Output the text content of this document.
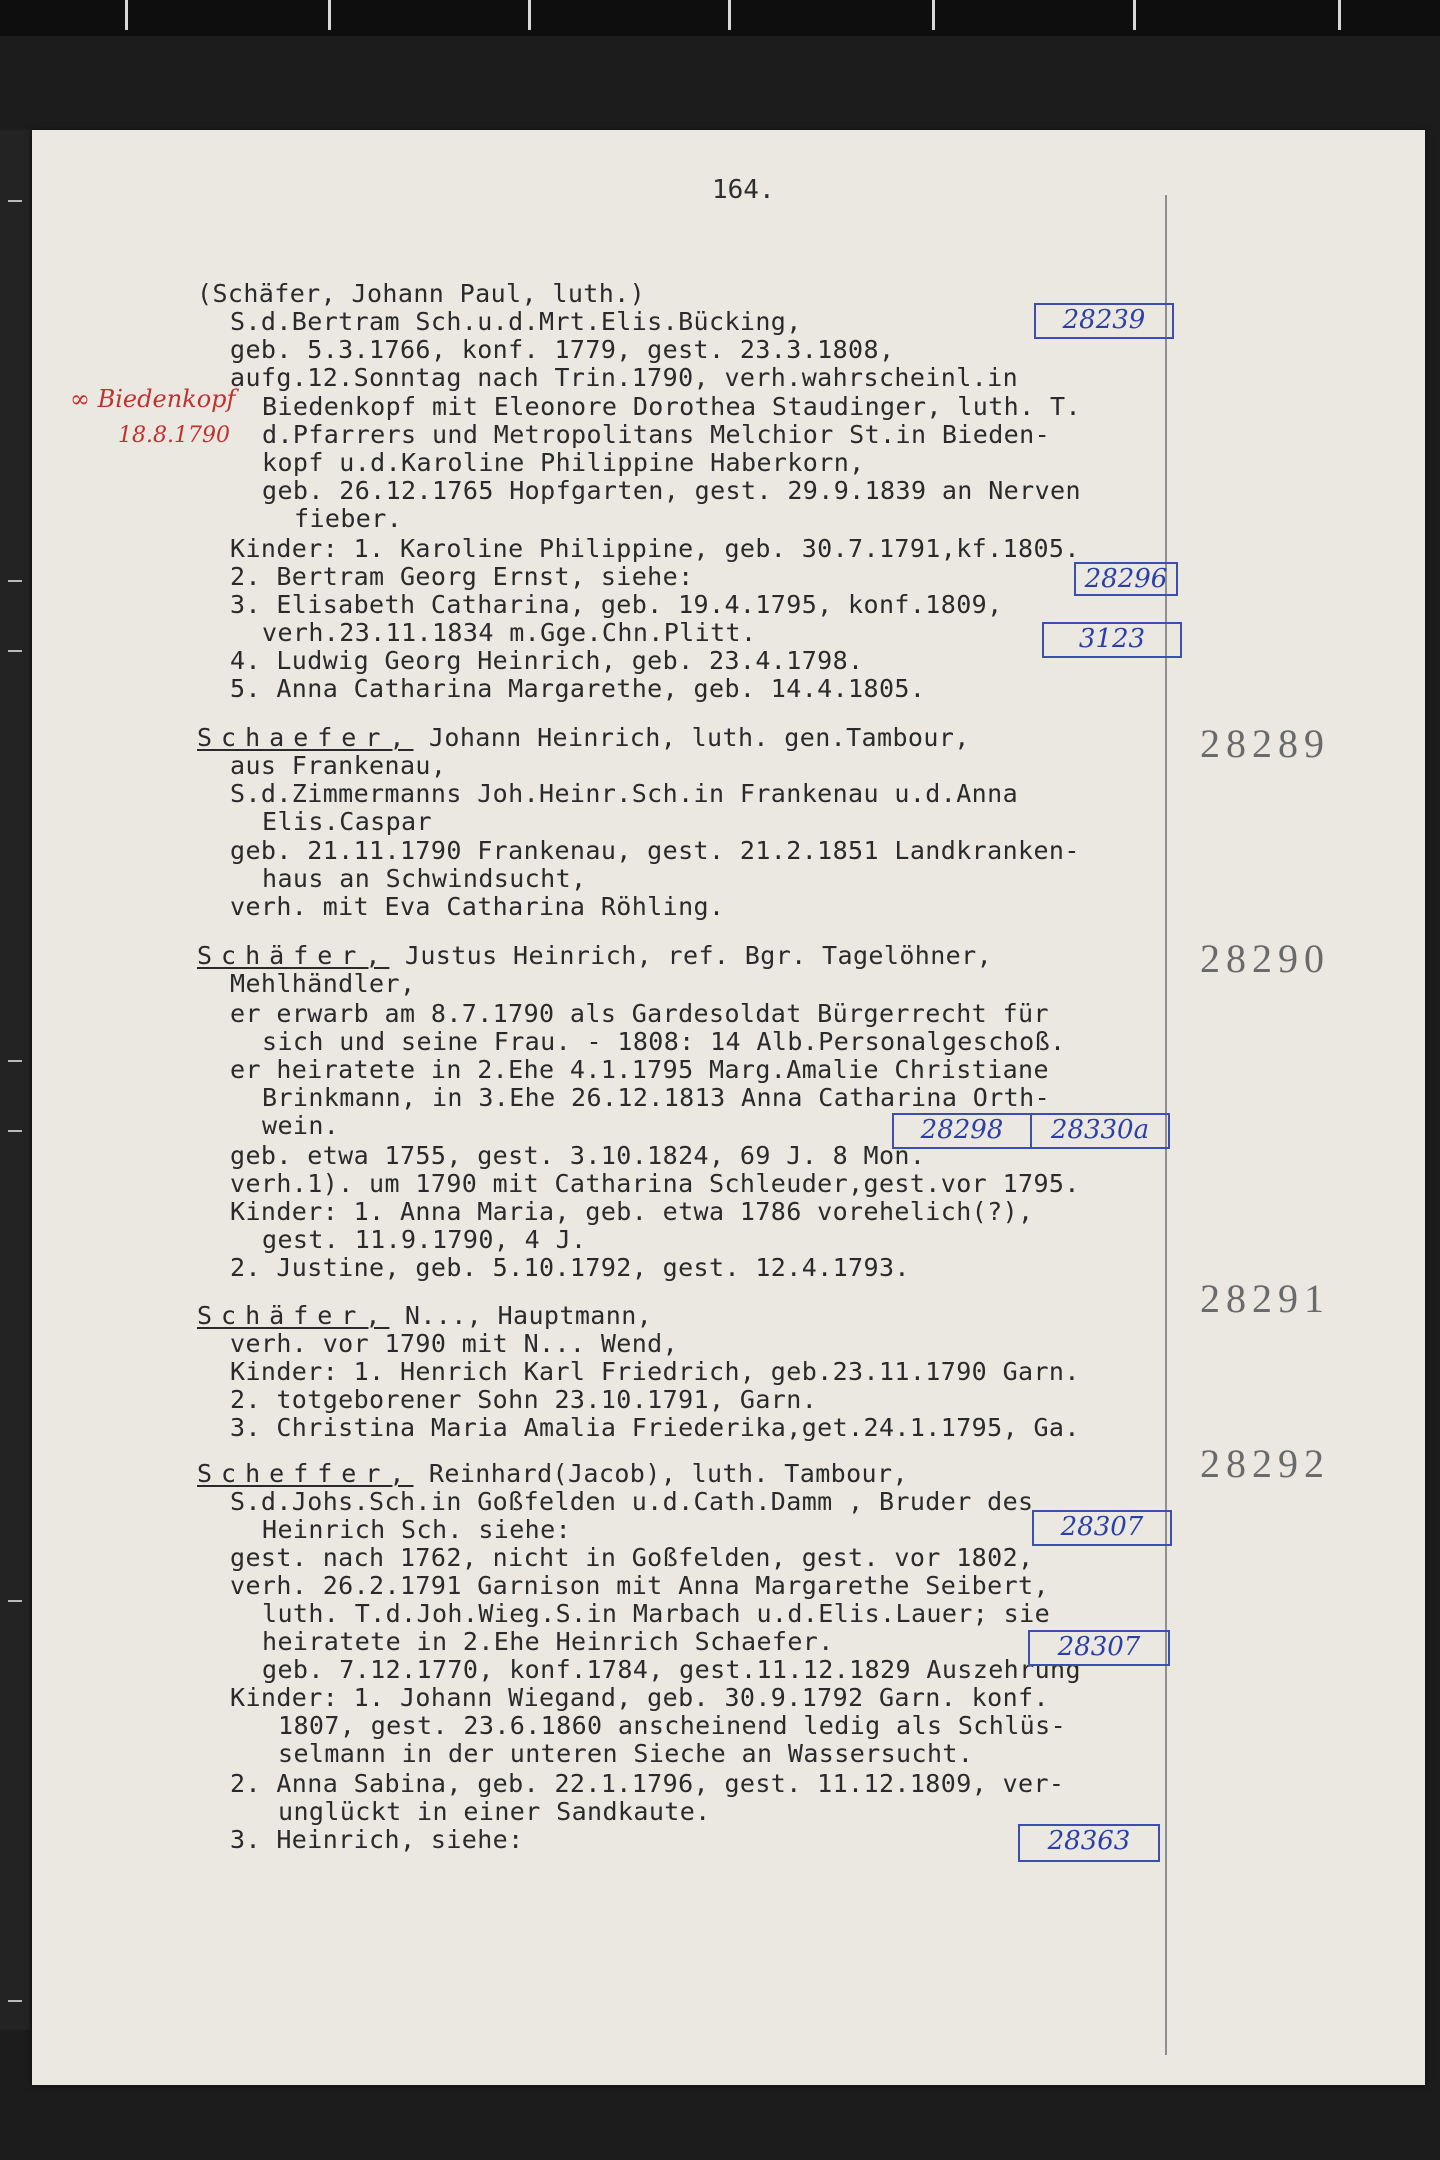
164.
∞ Biedenkopf
18.8.1790
(Schäfer, Johann Paul, luth.)
S.d.Bertram Sch.u.d.Mrt.Elis.Bücking,
geb. 5.3.1766, konf. 1779, gest. 23.3.1808,
aufg.12.Sonntag nach Trin.1790, verh.wahrscheinl.in
Biedenkopf mit Eleonore Dorothea Staudinger, luth. T.
d.Pfarrers und Metropolitans Melchior St.in Bieden-
kopf u.d.Karoline Philippine Haberkorn,
geb. 26.12.1765 Hopfgarten, gest. 29.9.1839 an Nerven
fieber.
Kinder: 1. Karoline Philippine, geb. 30.7.1791,kf.1805.
2. Bertram Georg Ernst, siehe:
3. Elisabeth Catharina, geb. 19.4.1795, konf.1809,
verh.23.11.1834 m.Gge.Chn.Plitt.
4. Ludwig Georg Heinrich, geb. 23.4.1798.
5. Anna Catharina Margarethe, geb. 14.4.1805.
28239
28296
3123
Schaefer, Johann Heinrich, luth. gen.Tambour,
aus Frankenau,
S.d.Zimmermanns Joh.Heinr.Sch.in Frankenau u.d.Anna
Elis.Caspar
geb. 21.11.1790 Frankenau, gest. 21.2.1851 Landkranken-
haus an Schwindsucht,
verh. mit Eva Catharina Röhling.
28289
Schäfer, Justus Heinrich, ref. Bgr. Tagelöhner,
Mehlhändler,
er erwarb am 8.7.1790 als Gardesoldat Bürgerrecht für
sich und seine Frau. - 1808: 14 Alb.Personalgeschoß.
er heiratete in 2.Ehe 4.1.1795 Marg.Amalie Christiane
Brinkmann, in 3.Ehe 26.12.1813 Anna Catharina Orth-
wein.
geb. etwa 1755, gest. 3.10.1824, 69 J. 8 Mon.
verh.1). um 1790 mit Catharina Schleuder,gest.vor 1795.
Kinder: 1. Anna Maria, geb. etwa 1786 vorehelich(?),
gest. 11.9.1790, 4 J.
2. Justine, geb. 5.10.1792, gest. 12.4.1793.
28298	28330a
28290
Schäfer, N..., Hauptmann,
verh. vor 1790 mit N... Wend,
Kinder: 1. Henrich Karl Friedrich, geb.23.11.1790 Garn.
2. totgeborener Sohn 23.10.1791, Garn.
3. Christina Maria Amalia Friederika,get.24.1.1795, Ga.
28291
Scheffer, Reinhard(Jacob), luth. Tambour,
S.d.Johs.Sch.in Goßfelden u.d.Cath.Damm , Bruder des
Heinrich Sch. siehe:
gest. nach 1762, nicht in Goßfelden, gest. vor 1802,
verh. 26.2.1791 Garnison mit Anna Margarethe Seibert,
luth. T.d.Joh.Wieg.S.in Marbach u.d.Elis.Lauer; sie
heiratete in 2.Ehe Heinrich Schaefer.
geb. 7.12.1770, konf.1784, gest.11.12.1829 Auszehrung
Kinder: 1. Johann Wiegand, geb. 30.9.1792 Garn. konf.
1807, gest. 23.6.1860 anscheinend ledig als Schlüs-
selmann in der unteren Sieche an Wassersucht.
2. Anna Sabina, geb. 22.1.1796, gest. 11.12.1809, ver-
unglückt in einer Sandkaute.
3. Heinrich, siehe:
28307
28307
28363
28292
